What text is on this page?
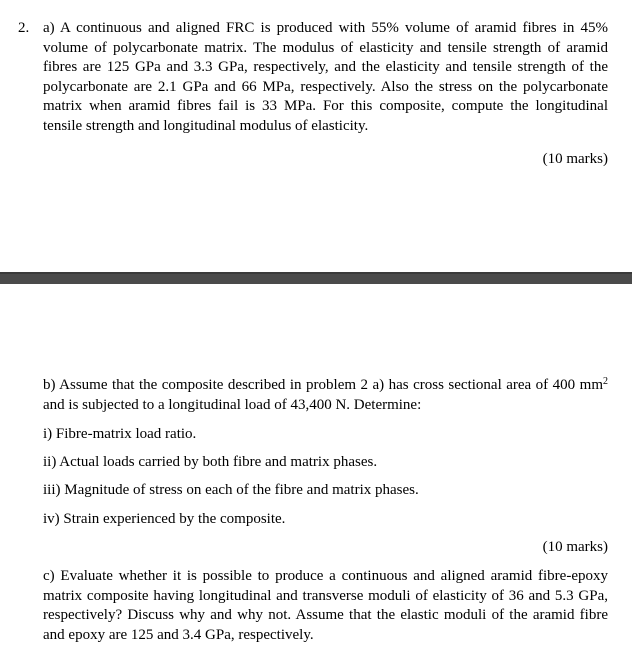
2. a) A continuous and aligned FRC is produced with 55% volume of aramid fibres in 45% volume of polycarbonate matrix. The modulus of elasticity and tensile strength of aramid fibres are 125 GPa and 3.3 GPa, respectively, and the elasticity and tensile strength of the polycarbonate are 2.1 GPa and 66 MPa, respectively. Also the stress on the polycarbonate matrix when aramid fibres fail is 33 MPa. For this composite, compute the longitudinal tensile strength and longitudinal modulus of elasticity.

(10 marks)

b) Assume that the composite described in problem 2 a) has cross sectional area of 400 $mm^2$ and is subjected to a longitudinal load of 43,400 N. Determine:

i) Fibre-matrix load ratio.
ii) Actual loads carried by both fibre and matrix phases.
iii) Magnitude of stress on each of the fibre and matrix phases.
iv) Strain experienced by the composite.
(10 marks)

c) Evaluate whether it is possible to produce a continuous and aligned aramid fibre-epoxy matrix composite having longitudinal and transverse moduli of elasticity of 36 and 5.3 GPa, respectively? Discuss why and why not. Assume that the elastic moduli of the aramid fibre and epoxy are 125 and 3.4 GPa, respectively.
